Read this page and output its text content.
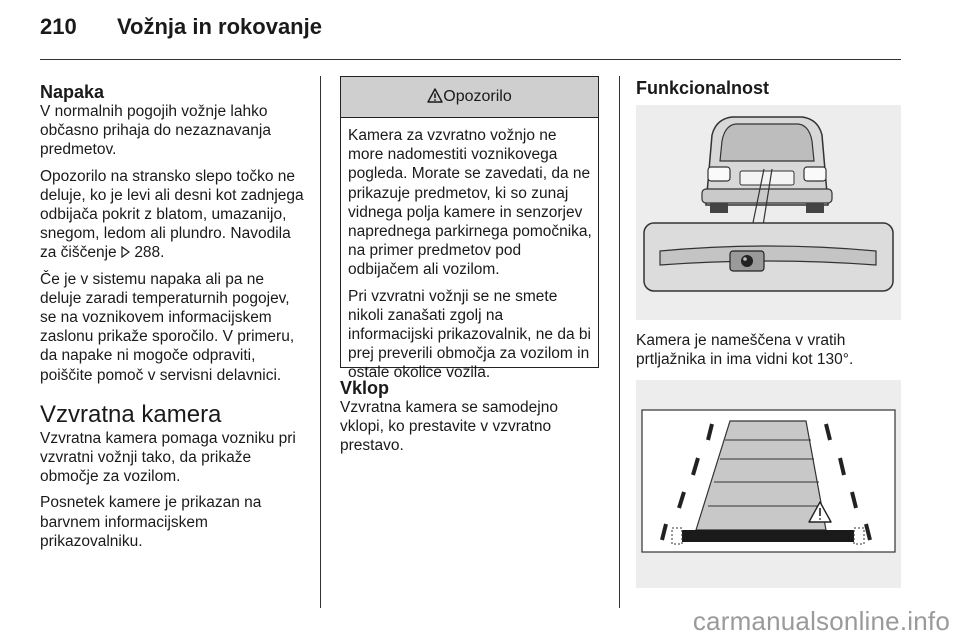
210 Vožnja in rokovanje
Napaka

V normalnih pogojih vožnje lahko občasno prihaja do nezaznavanja predmetov.

Opozorilo na stransko slepo točko ne deluje, ko je levi ali desni kot zadnjega odbijača pokrit z blatom, umazanijo, snegom, ledom ali plundro. Navodila za čiščenje 288.

Če je v sistemu napaka ali pa ne deluje zaradi temperaturnih pogojev, se na voznikovem informacijskem zaslonu prikaže sporočilo. V primeru, da napake ni mogoče odpraviti, poiščite pomoč v servisni delavnici.

Vzvratna kamera

Vzvratna kamera pomaga vozniku pri vzvratni vožnji tako, da prikaže območje za vozilom.

Posnetek kamere je prikazan na barvnem informacijskem prikazovalniku.

Opozorilo

Kamera za vzvratno vožnjo ne more nadomestiti voznikovega pogleda. Morate se zavedati, da ne prikazuje predmetov, ki so zunaj vidnega polja kamere in senzorjev naprednega parkirnega pomočnika, na primer predmetov pod odbijačem ali vozilom.

Pri vzvratni vožnji se ne smete nikoli zanašati zgolj na informacijski prikazovalnik, ne da bi prej preverili območja za vozilom in ostale okolice vozila.

Vklop

Vzvratna kamera se samodejno vklopi, ko prestavite v vzvratno prestavo.

Funkcionalnost

Kamera je nameščena v vratih prtljažnika in ima vidni kot 130°.

carmanualsonline.info
